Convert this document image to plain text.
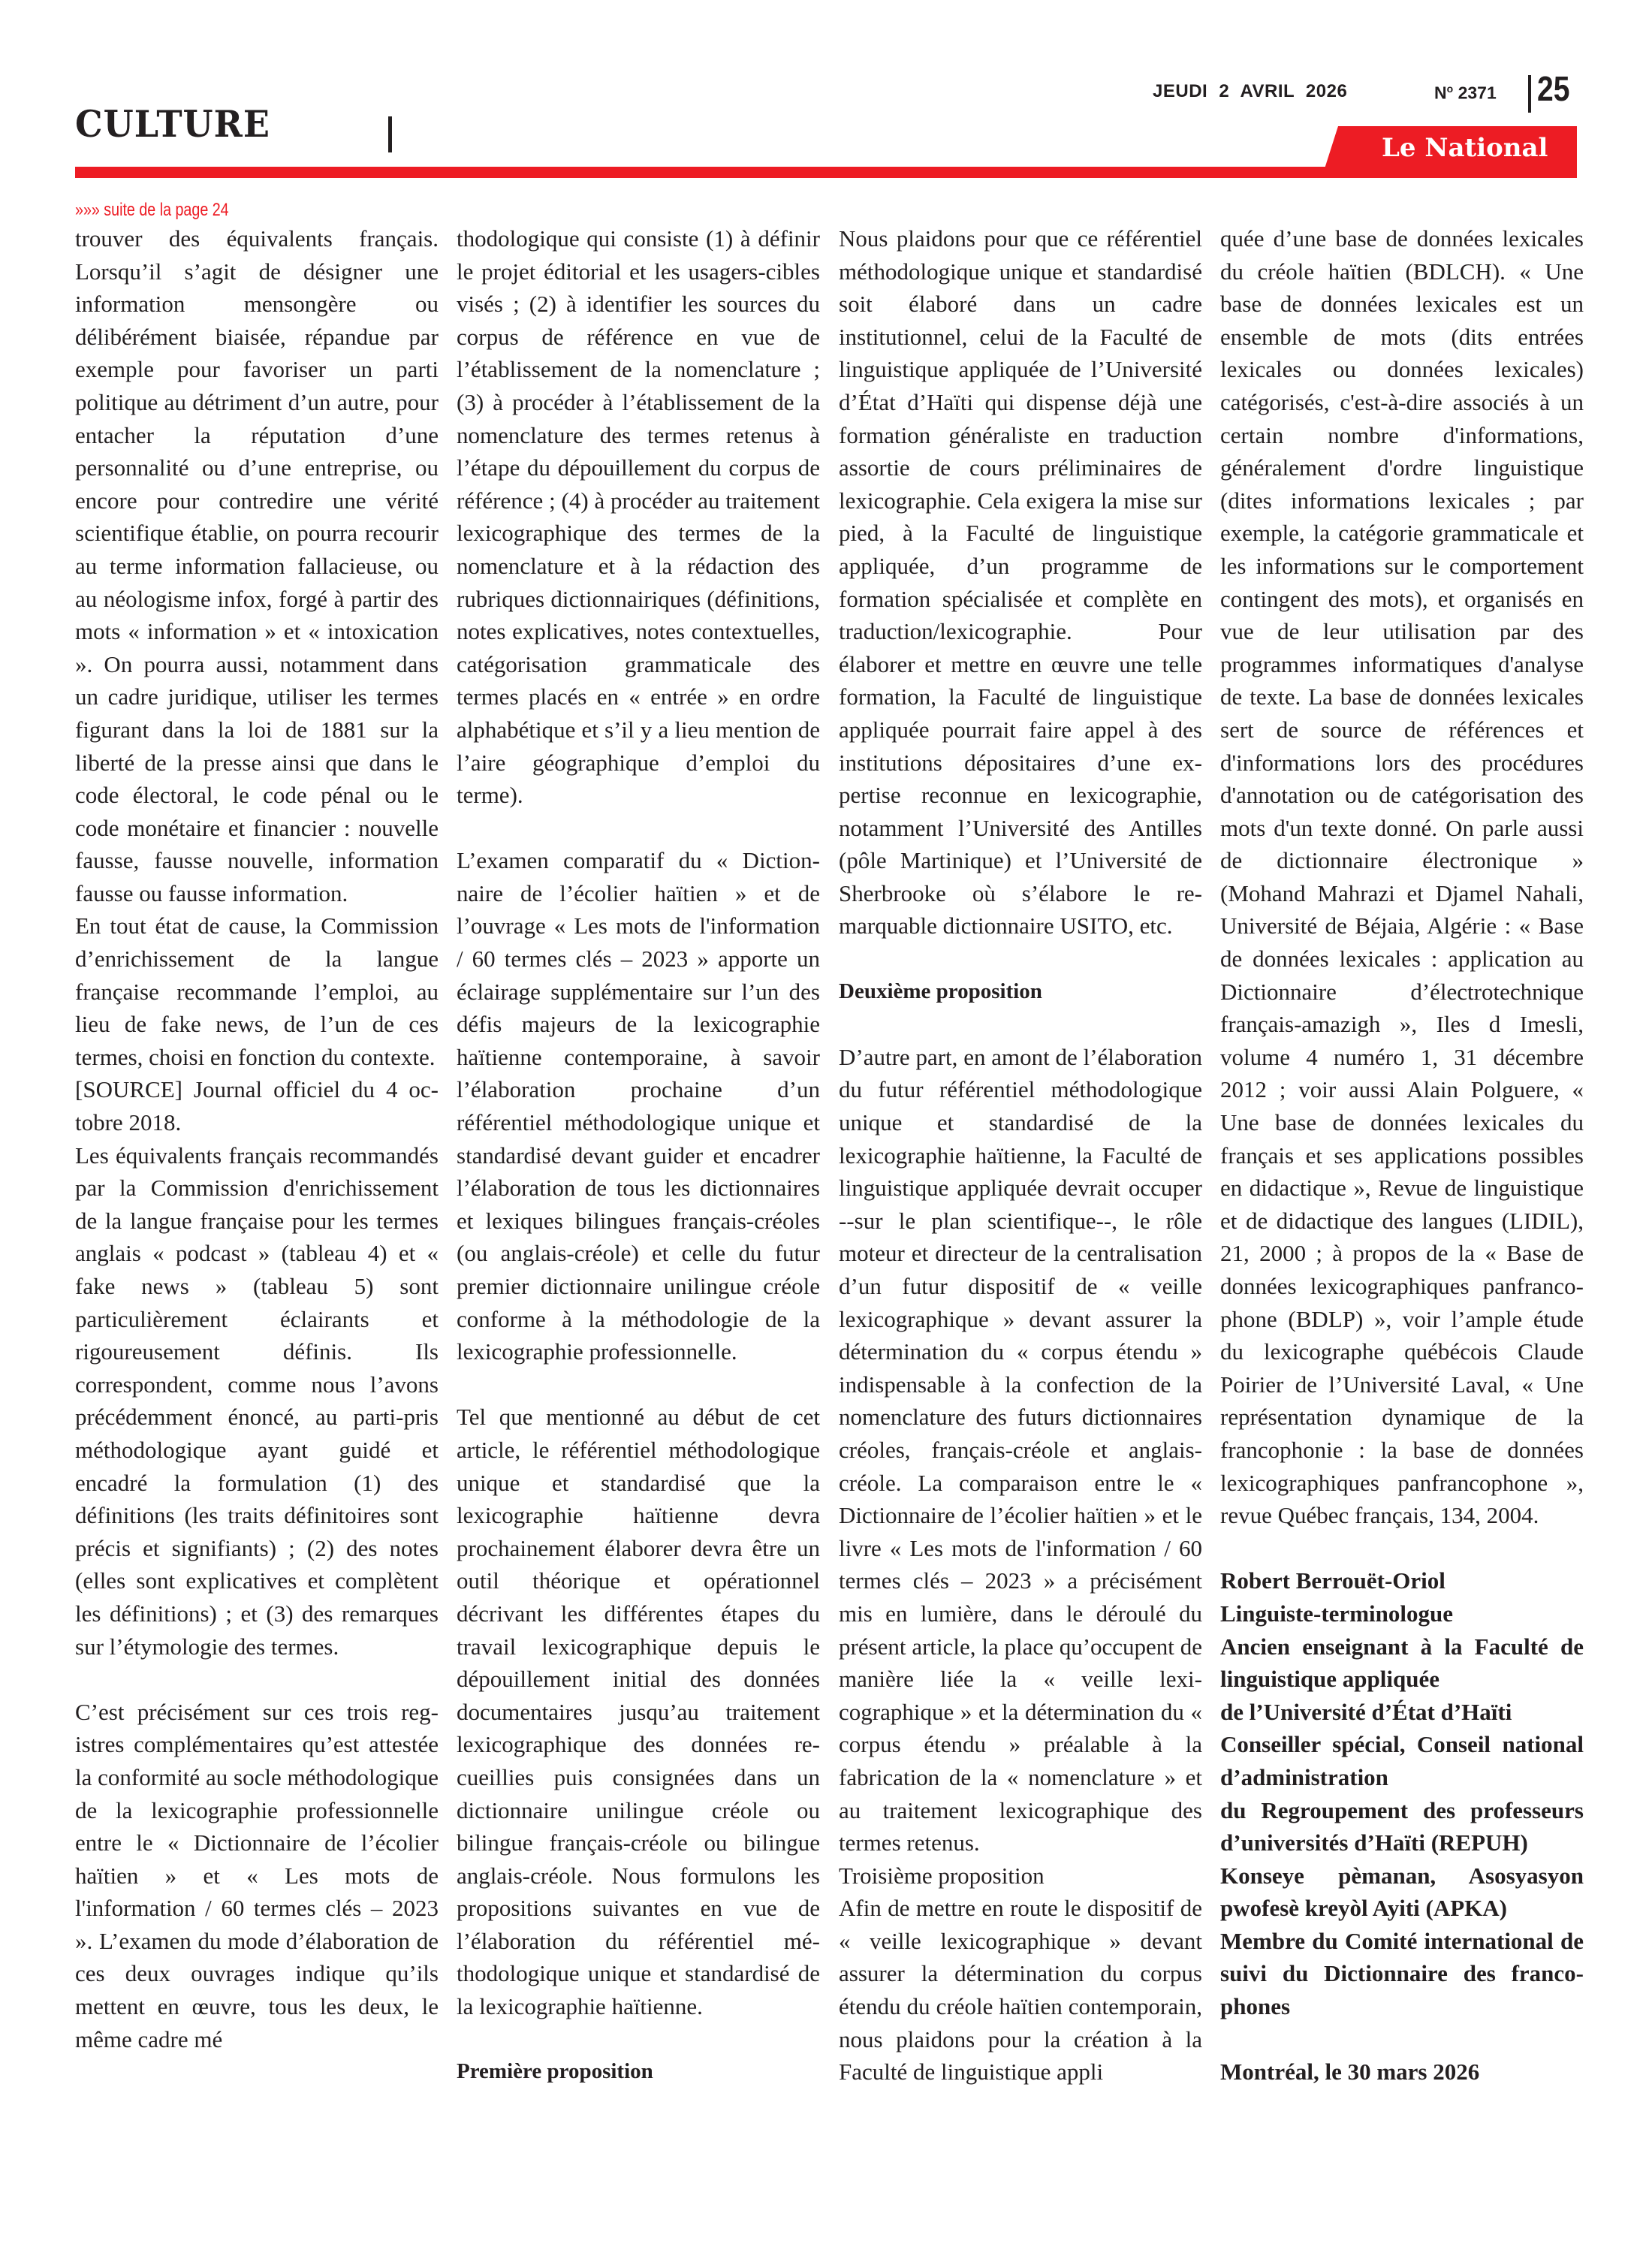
CULTURE
JEUDI 2 AVRIL 2026	$N^o$ 2371 25
Le National
»»» suite de la page 24

trouver des équivalents français. Lorsqu’il s’agit de désigner une information mensongère ou délibérément biaisée, répandue par exemple pour favoriser un parti politique au détriment d’un autre, pour entacher la réputation d’une personnalité ou d’une entreprise, ou encore pour contredire une vérité scientifique établie, on pourra recourir au terme information fallacieuse, ou au néologisme infox, forgé à partir des mots « information » et « intoxication ». On pourra aussi, notamment dans un cadre juridique, utiliser les termes figurant dans la loi de 1881 sur la liberté de la presse ainsi que dans le code électoral, le code pénal ou le code monétaire et financier : nouvelle fausse, fausse nouvelle, information fausse ou fausse information.

En tout état de cause, la Commission d’enrichissement de la langue française recommande l’emploi, au lieu de fake news, de l’un de ces termes, choisi en fonction du contexte.

[SOURCE] Journal officiel du 4 octobre 2018.

Les équivalents français recommandés par la Commission d'enrichissement de la langue française pour les termes anglais « podcast » (tableau 4) et « fake news » (tableau 5) sont particulièrement éclairants et rigoureusement définis. Ils correspondent, comme nous l’avons précédemment énoncé, au parti-pris méthodologique ayant guidé et encadré la formulation (1) des définitions (les traits définitoires sont précis et signifiants) ; (2) des notes (elles sont explicatives et complètent les définitions) ; et (3) des remarques sur l’étymologie des termes.

C’est précisément sur ces trois registres complémentaires qu’est attestée la conformité au socle méthodologique de la lexicographie professionnelle entre le « Dictionnaire de l’écolier haïtien » et « Les mots de l'information / 60 termes clés – 2023 ». L’examen du mode d’élaboration de ces deux ouvrages indique qu’ils mettent en œuvre, tous les deux, le même cadre mé

thodologique qui consiste (1) à définir le projet éditorial et les usagers-cibles visés ; (2) à identifier les sources du corpus de référence en vue de l’établissement de la nomenclature ; (3) à procéder à l’établissement de la nomenclature des termes retenus à l’étape du dépouillement du corpus de référence ; (4) à procéder au traitement lexicographique des termes de la nomenclature et à la rédaction des rubriques dictionnairiques (définitions, notes explicatives, notes contextuelles, catégorisation grammaticale des termes placés en « entrée » en ordre alphabétique et s’il y a lieu mention de l’aire géographique d’emploi du terme).

L’examen comparatif du « Dictionnaire de l’écolier haïtien » et de l’ouvrage « Les mots de l'information / 60 termes clés – 2023 » apporte un éclairage supplémentaire sur l’un des défis majeurs de la lexicographie haïtienne contemporaine, à savoir l’élaboration prochaine d’un référentiel méthodologique unique et standardisé devant guider et encadrer l’élaboration de tous les dictionnaires et lexiques bilingues français-créoles (ou anglais-créole) et celle du futur premier dictionnaire unilingue créole conforme à la méthodologie de la lexicographie professionnelle.

Tel que mentionné au début de cet article, le référentiel méthodologique unique et standardisé que la lexicographie haïtienne devra prochainement élaborer devra être un outil théorique et opérationnel décrivant les différentes étapes du travail lexicographique depuis le dépouillement initial des données documentaires jusqu’au traitement lexicographique des données recueillies puis consignées dans un dictionnaire unilingue créole ou bilingue français-créole ou bilingue anglais-créole. Nous formulons les propositions suivantes en vue de l’élaboration du référentiel méthodologique unique et standardisé de la lexicographie haïtienne.

Première proposition

Nous plaidons pour que ce référentiel méthodologique unique et standardisé soit élaboré dans un cadre institutionnel, celui de la Faculté de linguistique appliquée de l’Université d’État d’Haïti qui dispense déjà une formation généraliste en traduction assortie de cours préliminaires de lexicographie. Cela exigera la mise sur pied, à la Faculté de linguistique appliquée, d’un programme de formation spécialisée et complète en traduction/lexicographie. Pour élaborer et mettre en œuvre une telle formation, la Faculté de linguistique appliquée pourrait faire appel à des institutions dépositaires d’une expertise reconnue en lexicographie, notamment l’Université des Antilles (pôle Martinique) et l’Université de Sherbrooke où s’élabore le remarquable dictionnaire USITO, etc.

Deuxième proposition

D’autre part, en amont de l’élaboration du futur référentiel méthodologique unique et standardisé de la lexicographie haïtienne, la Faculté de linguistique appliquée devrait occuper --sur le plan scientifique--, le rôle moteur et directeur de la centralisation d’un futur dispositif de « veille lexicographique » devant assurer la détermination du « corpus étendu » indispensable à la confection de la nomenclature des futurs dictionnaires créoles, français-créole et anglais-créole. La comparaison entre le « Dictionnaire de l’écolier haïtien » et le livre « Les mots de l'information / 60 termes clés – 2023 » a précisément mis en lumière, dans le déroulé du présent article, la place qu’occupent de manière liée la « veille lexicographique » et la détermination du « corpus étendu » préalable à la fabrication de la « nomenclature » et au traitement lexicographique des termes retenus.

Troisième proposition

Afin de mettre en route le dispositif de « veille lexicographique » devant assurer la détermination du corpus étendu du créole haïtien contemporain, nous plaidons pour la création à la Faculté de linguistique appli

quée d’une base de données lexicales du créole haïtien (BDLCH). « Une base de données lexicales est un ensemble de mots (dits entrées lexicales ou données lexicales) catégorisés, c'est-à-dire associés à un certain nombre d'informations, généralement d'ordre linguistique (dites informations lexicales ; par exemple, la catégorie grammaticale et les informations sur le comportement contingent des mots), et organisés en vue de leur utilisation par des programmes informatiques d'analyse de texte. La base de données lexicales sert de source de références et d'informations lors des procédures d'annotation ou de catégorisation des mots d'un texte donné. On parle aussi de dictionnaire électronique » (Mohand Mahrazi et Djamel Nahali, Université de Béjaia, Algérie : « Base de données lexicales : application au Dictionnaire d’électrotechnique français-amazigh », Iles d Imesli, volume 4 numéro 1, 31 décembre 2012 ; voir aussi Alain Polguere, « Une base de données lexicales du français et ses applications possibles en didactique », Revue de linguistique et de didactique des langues (LIDIL), 21, 2000 ; à propos de la « Base de données lexicographiques panfrancophone (BDLP) », voir l’ample étude du lexicographe québécois Claude Poirier de l’Université Laval, « Une représentation dynamique de la francophonie : la base de données lexicographiques panfrancophone », revue Québec français, 134, 2004.

Robert Berrouët-Oriol

Linguiste-terminologue

Ancien enseignant à la Faculté de linguistique appliquée

de l’Université d’État d’Haïti

Conseiller spécial, Conseil national d’administration

du Regroupement des professeurs d’universités d’Haïti (REPUH)

Konseye pèmanan, Asosyasyon pwofesè kreyòl Ayiti (APKA)

Membre du Comité international de suivi du Dictionnaire des francophones

Montréal, le 30 mars 2026
